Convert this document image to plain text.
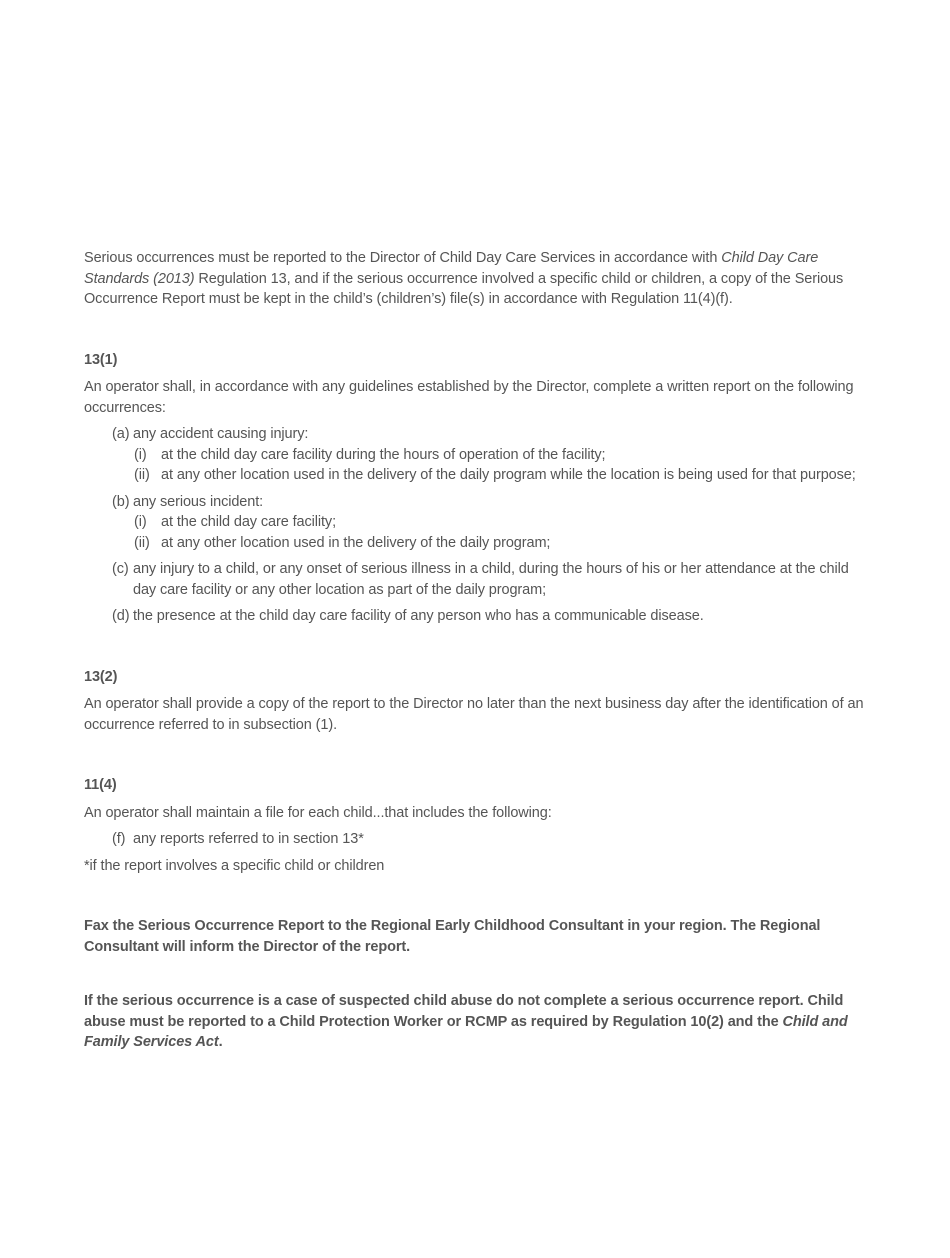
Serious occurrences must be reported to the Director of Child Day Care Services in accordance with Child Day Care Standards (2013) Regulation 13, and if the serious occurrence involved a specific child or children, a copy of the Serious Occurrence Report must be kept in the child’s (children’s) file(s) in accordance with Regulation 11(4)(f).

13(1)

An operator shall, in accordance with any guidelines established by the Director, complete a written report on the following occurrences:

(a) any accident causing injury:
(i) at the child day care facility during the hours of operation of the facility;
(ii) at any other location used in the delivery of the daily program while the location is being used for that purpose;
(b) any serious incident:
(i) at the child day care facility;
(ii) at any other location used in the delivery of the daily program;
(c) any injury to a child, or any onset of serious illness in a child, during the hours of his or her attendance at the child day care facility or any other location as part of the daily program;
(d) the presence at the child day care facility of any person who has a communicable disease.

13(2)

An operator shall provide a copy of the report to the Director no later than the next business day after the identification of an occurrence referred to in subsection (1).

11(4)

An operator shall maintain a file for each child...that includes the following:

(f) any reports referred to in section 13*

*if the report involves a specific child or children

Fax the Serious Occurrence Report to the Regional Early Childhood Consultant in your region. The Regional Consultant will inform the Director of the report.

If the serious occurrence is a case of suspected child abuse do not complete a serious occurrence report. Child abuse must be reported to a Child Protection Worker or RCMP as required by Regulation 10(2) and the Child and Family Services Act.
